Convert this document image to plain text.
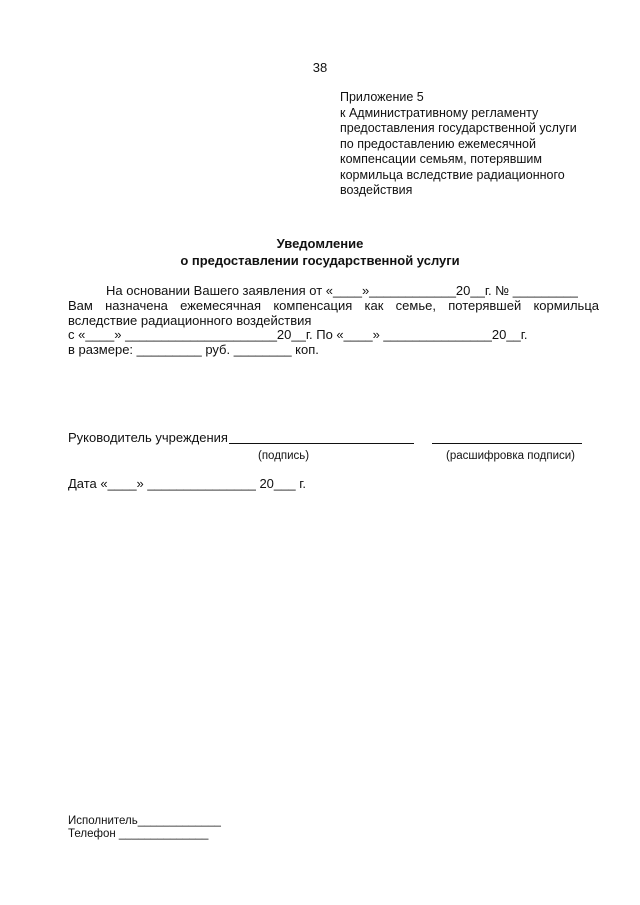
38
Приложение 5
к Административному регламенту
предоставления государственной услуги
по предоставлению ежемесячной
компенсации семьям, потерявшим
кормильца вследствие радиационного
воздействия
Уведомление
о предоставлении государственной услуги
На основании Вашего заявления от «____»____________20__г. № _________
Вам назначена ежемесячная компенсация как семье, потерявшей кормильца
вследствие радиационного воздействия
с «____» _____________________20__г. По «____» _______________20__г.
в размере: _________ руб. ________ коп.
Руководитель учреждения
(подпись)	(расшифровка подписи)
Дата «____» _______________ 20___ г.
Исполнитель_____________
Телефон ______________
